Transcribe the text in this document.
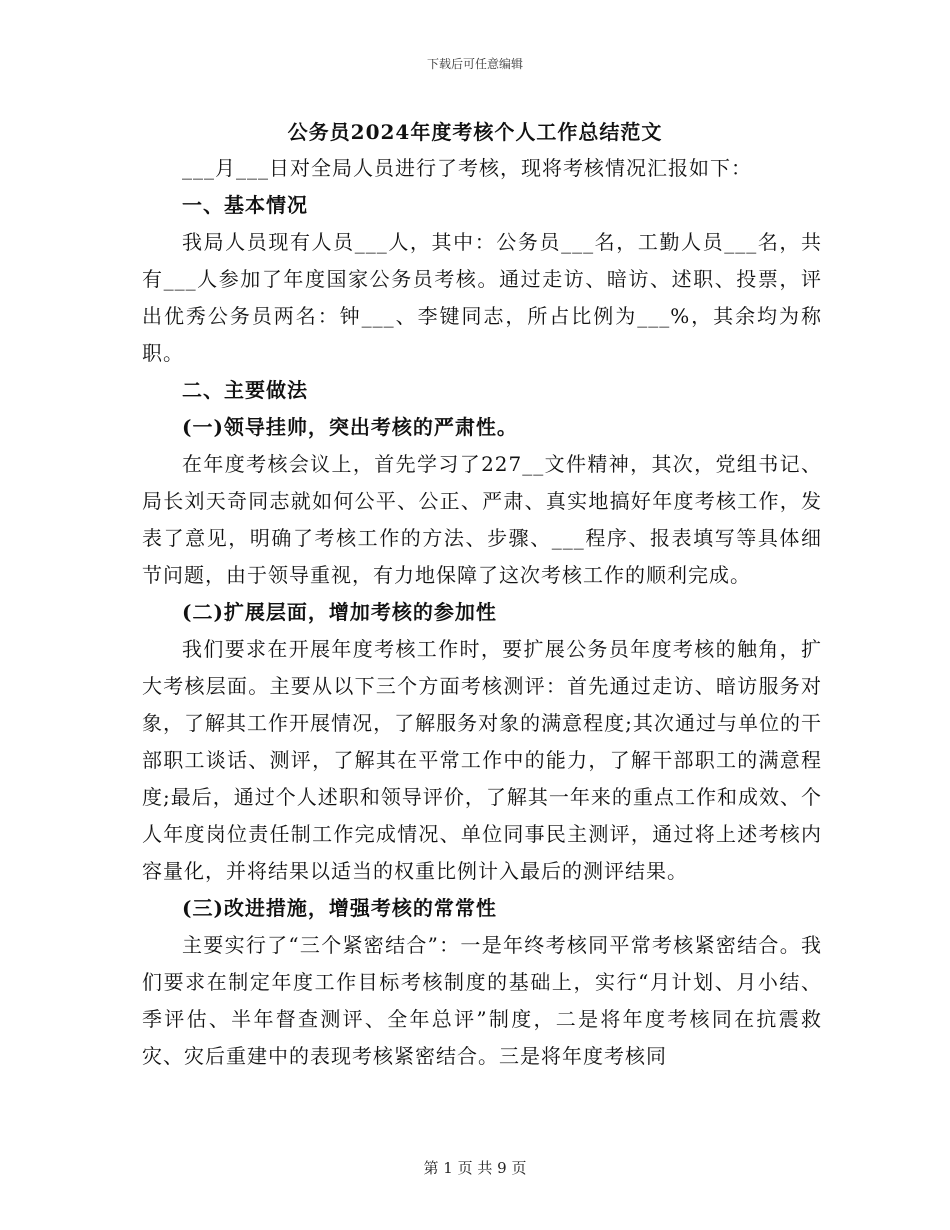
下载后可任意编辑
公务员2024年度考核个人工作总结范文

___月___日对全局人员进行了考核，现将考核情况汇报如下：

一、基本情况

我局人员现有人员___人，其中：公务员___名，工勤人员___名，共有___人参加了年度国家公务员考核。通过走访、暗访、述职、投票，评出优秀公务员两名：钟___、李键同志，所占比例为___%，其余均为称职。

二、主要做法

(一)领导挂帅，突出考核的严肃性。

在年度考核会议上，首先学习了227__文件精神，其次，党组书记、局长刘天奇同志就如何公平、公正、严肃、真实地搞好年度考核工作，发表了意见，明确了考核工作的方法、步骤、___程序、报表填写等具体细节问题，由于领导重视，有力地保障了这次考核工作的顺利完成。

(二)扩展层面，增加考核的参加性

我们要求在开展年度考核工作时，要扩展公务员年度考核的触角，扩大考核层面。主要从以下三个方面考核测评：首先通过走访、暗访服务对象，了解其工作开展情况，了解服务对象的满意程度;其次通过与单位的干部职工谈话、测评，了解其在平常工作中的能力，了解干部职工的满意程度;最后，通过个人述职和领导评价，了解其一年来的重点工作和成效、个人年度岗位责任制工作完成情况、单位同事民主测评，通过将上述考核内容量化，并将结果以适当的权重比例计入最后的测评结果。

(三)改进措施，增强考核的常常性

主要实行了“三个紧密结合”：一是年终考核同平常考核紧密结合。我们要求在制定年度工作目标考核制度的基础上，实行“月计划、月小结、季评估、半年督查测评、全年总评”制度，二是将年度考核同在抗震救灾、灾后重建中的表现考核紧密结合。三是将年度考核同

第 1 页 共 9 页
